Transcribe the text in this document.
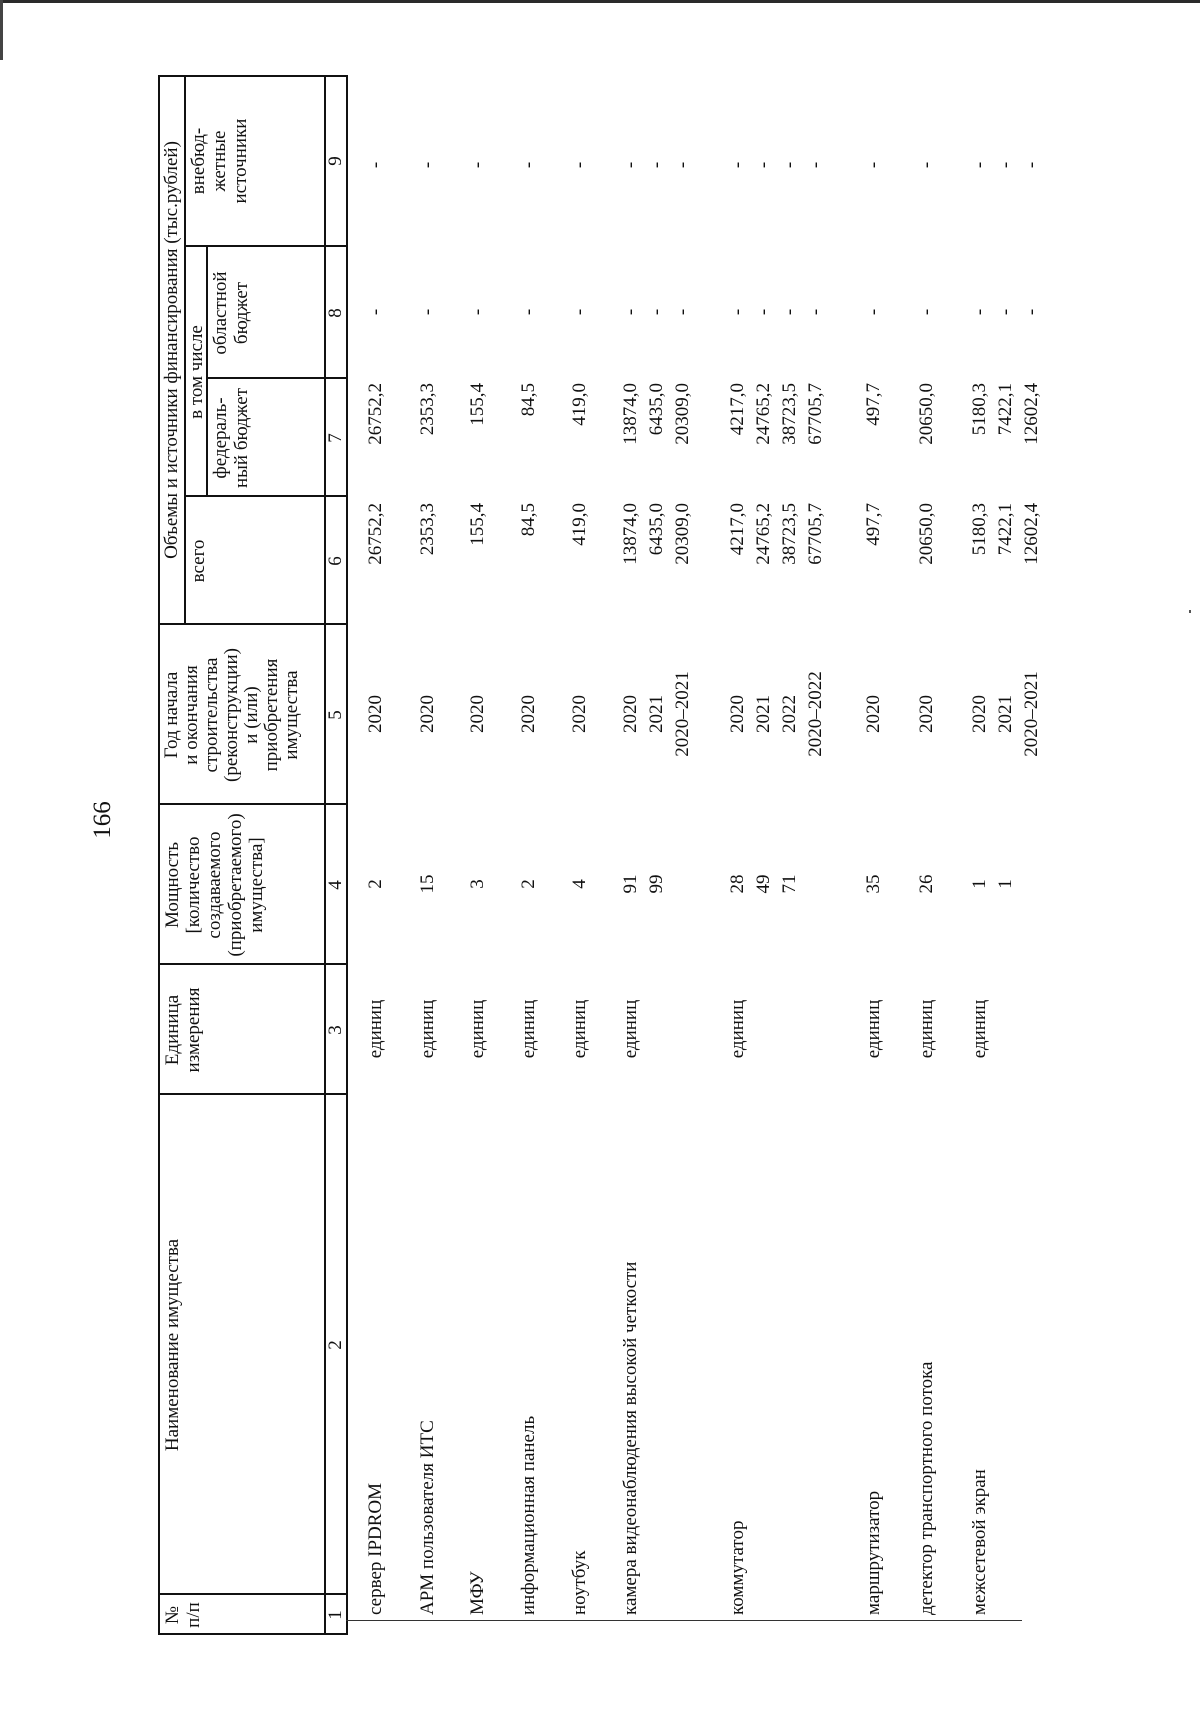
166
№
п/п
Наименование имущества
Единица
измерения
Мощность
[количество
создаваемого
(приобретаемого)
имущества]
Год начала
и окончания
строительства
(реконструкции)
и (или)
приобретения
имущества
Объемы и источники финансирования (тыс.рублей)
всего
в том числе
федераль-
ный бюджет
областной
бюджет
внебюд-
жетные
источники
1
2
3
4
5
6
7
8
9
сервер IPDROM
единиц
2
2020
26752,2
26752,2
-
-
АРМ пользователя ИТС
единиц
15
2020
2353,3
2353,3
-
-
МФУ
единиц
3
2020
155,4
155,4
-
-
информационная панель
единиц
2
2020
84,5
84,5
-
-
ноутбук
единиц
4
2020
419,0
419,0
-
-
камера видеонаблюдения высокой четкости
единиц
91 99
2020 2021 2020–2021
13874,0 6435,0 20309,0
13874,0 6435,0 20309,0
- - -
- - -
коммутатор
единиц
28 49 71
2020 2021 2022 2020–2022
4217,0 24765,2 38723,5 67705,7
4217,0 24765,2 38723,5 67705,7
- - - -
- - - -
маршрутизатор
единиц
35
2020
497,7
497,7
-
-
детектор транспортного потока
единиц
26
2020
20650,0
20650,0
-
-
межсетевой экран
единиц
1 1
2020 2021 2020–2021
5180,3 7422,1 12602,4
5180,3 7422,1 12602,4
- - -
- - -
